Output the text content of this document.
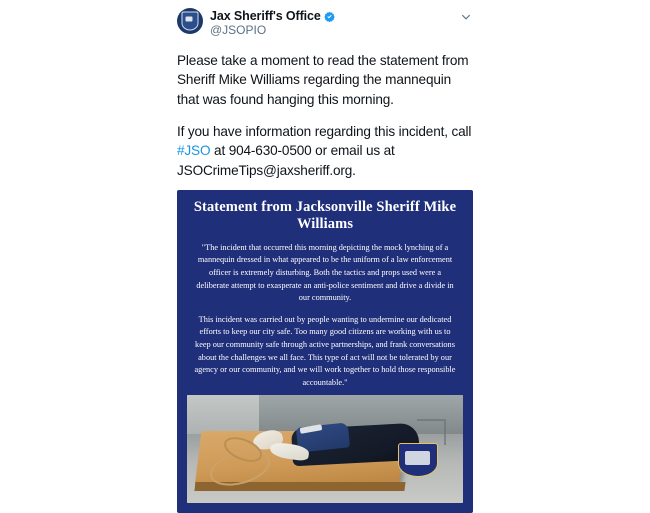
Jax Sheriff's Office
@JSOPIO

Please take a moment to read the statement from Sheriff Mike Williams regarding the mannequin that was found hanging this morning.

If you have information regarding this incident, call #JSO at 904-630-0500 or email us at JSOCrimeTips@jaxsheriff.org.

Statement from Jacksonville Sheriff Mike Williams

"The incident that occurred this morning depicting the mock lynching of a mannequin dressed in what appeared to be the uniform of a law enforcement officer is extremely disturbing. Both the tactics and props used were a deliberate attempt to exasperate an anti-police sentiment and drive a divide in our community.

This incident was carried out by people wanting to undermine our dedicated efforts to keep our city safe. Too many good citizens are working with us to keep our community safe through active partnerships, and frank conversations about the challenges we all face. This type of act will not be tolerated by our agency or our community, and we will work together to hold those responsible accountable."
